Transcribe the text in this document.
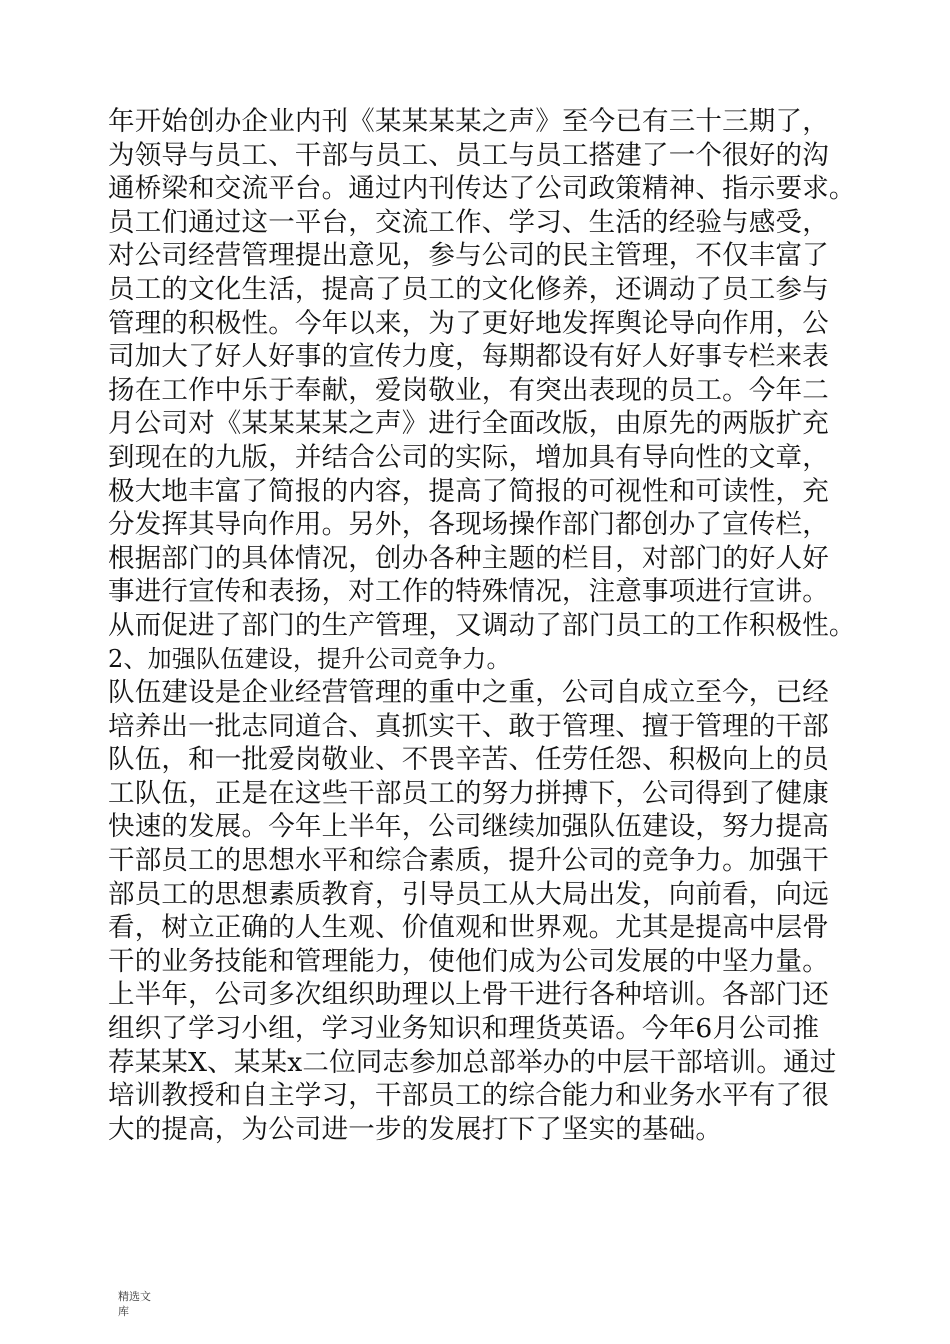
年开始创办企业内刊《某某某某之声》至今已有三十三期了，
为领导与员工、干部与员工、员工与员工搭建了一个很好的沟
通桥梁和交流平台。通过内刊传达了公司政策精神、指示要求。
员工们通过这一平台，交流工作、学习、生活的经验与感受，
对公司经营管理提出意见，参与公司的民主管理，不仅丰富了
员工的文化生活，提高了员工的文化修养，还调动了员工参与
管理的积极性。今年以来，为了更好地发挥舆论导向作用，公
司加大了好人好事的宣传力度，每期都设有好人好事专栏来表
扬在工作中乐于奉献，爱岗敬业，有突出表现的员工。今年二
月公司对《某某某某之声》进行全面改版，由原先的两版扩充
到现在的九版，并结合公司的实际，增加具有导向性的文章，
极大地丰富了简报的内容，提高了简报的可视性和可读性，充
分发挥其导向作用。另外，各现场操作部门都创办了宣传栏，
根据部门的具体情况，创办各种主题的栏目，对部门的好人好
事进行宣传和表扬，对工作的特殊情况，注意事项进行宣讲。
从而促进了部门的生产管理，又调动了部门员工的工作积极性。
2、加强队伍建设，提升公司竞争力。
队伍建设是企业经营管理的重中之重，公司自成立至今，已经
培养出一批志同道合、真抓实干、敢于管理、擅于管理的干部
队伍，和一批爱岗敬业、不畏辛苦、任劳任怨、积极向上的员
工队伍，正是在这些干部员工的努力拼搏下，公司得到了健康
快速的发展。今年上半年，公司继续加强队伍建设，努力提高
干部员工的思想水平和综合素质，提升公司的竞争力。加强干
部员工的思想素质教育，引导员工从大局出发，向前看，向远
看，树立正确的人生观、价值观和世界观。尤其是提高中层骨
干的业务技能和管理能力，使他们成为公司发展的中坚力量。
上半年，公司多次组织助理以上骨干进行各种培训。各部门还
组织了学习小组，学习业务知识和理货英语。今年6月公司推
荐某某X、某某x二位同志参加总部举办的中层干部培训。通过
培训教授和自主学习，干部员工的综合能力和业务水平有了很
大的提高，为公司进一步的发展打下了坚实的基础。
精选文
库
